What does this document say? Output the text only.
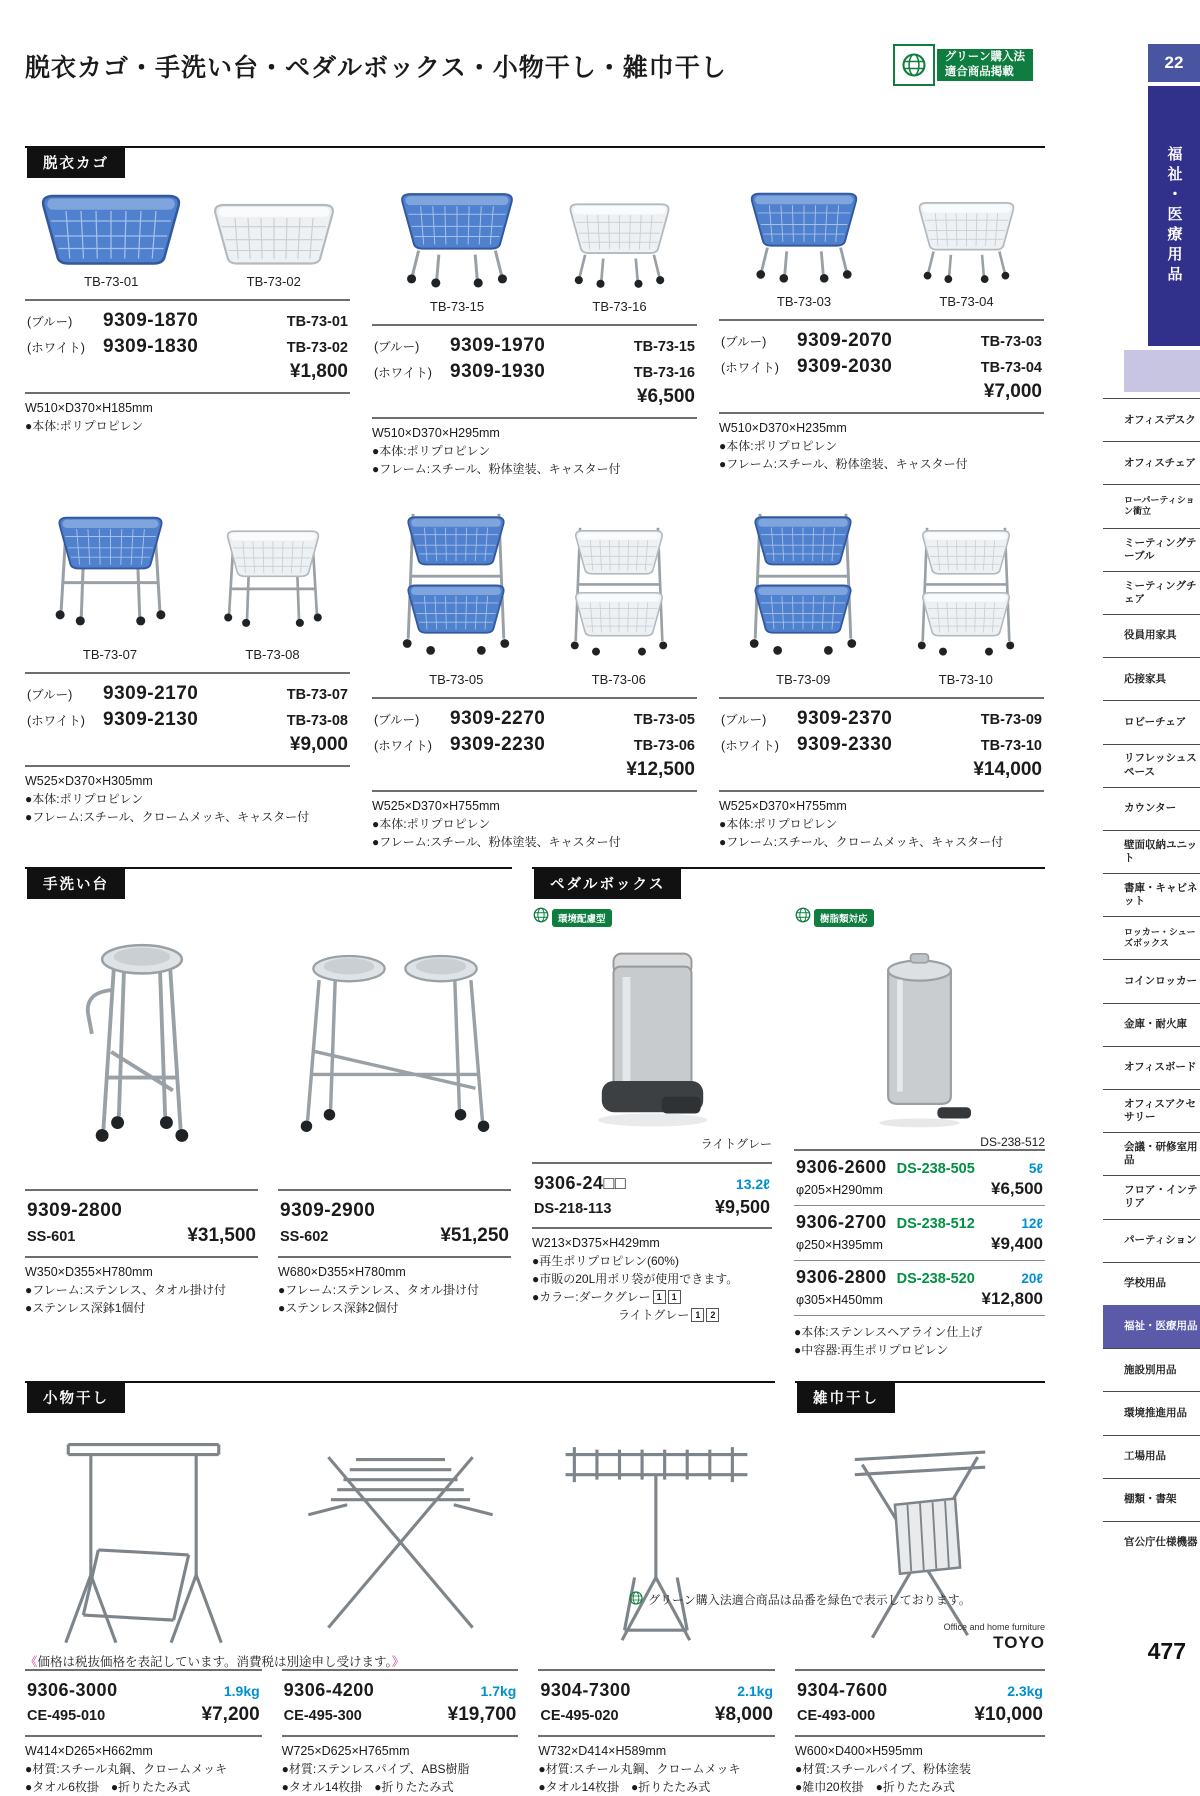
脱衣カゴ・手洗い台・ペダルボックス・小物干し・雑巾干し	グリーン購入法
適合商品掲載
脱衣カゴ
TB-73-01	TB-73-02
(ブルー)	9309-1870	TB-73-01
(ホワイト) 9309-1830	TB-73-02
¥1,800
W510×D370×H185mm
●本体:ポリプロピレン
TB-73-15	TB-73-16
(ブルー)	9309-1970	TB-73-15
(ホワイト) 9309-1930	TB-73-16
¥6,500
W510×D370×H295mm
●本体:ポリプロピレン
●フレーム:スチール、粉体塗装、キャスター付
TB-73-03	TB-73-04
(ブルー)	9309-2070	TB-73-03
(ホワイト) 9309-2030	TB-73-04
¥7,000
W510×D370×H235mm
●本体:ポリプロピレン
●フレーム:スチール、粉体塗装、キャスター付
TB-73-07	TB-73-08
(ブルー)	9309-2170	TB-73-07
(ホワイト) 9309-2130	TB-73-08
¥9,000
W525×D370×H305mm
●本体:ポリプロピレン
●フレーム:スチール、クロームメッキ、キャスター付
TB-73-05	TB-73-06
(ブルー)	9309-2270	TB-73-05
(ホワイト) 9309-2230	TB-73-06
¥12,500
W525×D370×H755mm
●本体:ポリプロピレン
●フレーム:スチール、粉体塗装、キャスター付
TB-73-09	TB-73-10
(ブルー)	9309-2370	TB-73-09
(ホワイト) 9309-2330	TB-73-10
¥14,000
W525×D370×H755mm
●本体:ポリプロピレン
●フレーム:スチール、クロームメッキ、キャスター付
手洗い台
9309-2800
SS-601	¥31,500
W350×D355×H780mm
●フレーム:ステンレス、タオル掛け付
●ステンレス深鉢1個付
9309-2900
SS-602	¥51,250
W680×D355×H780mm
●フレーム:ステンレス、タオル掛け付
●ステンレス深鉢2個付
ペダルボックス
環境配慮型
ライトグレー
9306-24□□	13.2ℓ
DS-218-113	¥9,500
W213×D375×H429mm
●再生ポリプロピレン(60%)
●市販の20L用ポリ袋が使用できます。
●カラー:ダークグレー 1	1
ライトグレー 1	2
樹脂類対応
DS-238-512
9306-2600 DS-238-505	5ℓ
φ205×H290mm	¥6,500
9306-2700 DS-238-512	12ℓ
φ250×H395mm	¥9,400
9306-2800 DS-238-520	20ℓ
φ305×H450mm	¥12,800
●本体:ステンレスヘアライン仕上げ
●中容器:再生ポリプロピレン
小物干し
9306-3000	1.9kg
CE-495-010	¥7,200
W414×D265×H662mm
●材質:スチール丸鋼、クロームメッキ
●タオル6枚掛　●折りたたみ式
9306-4200	1.7kg
CE-495-300	¥19,700
W725×D625×H765mm
●材質:ステンレスパイプ、ABS樹脂
●タオル14枚掛　●折りたたみ式
9304-7300	2.1kg
CE-495-020	¥8,000
W732×D414×H589mm
●材質:スチール丸鋼、クロームメッキ
●タオル14枚掛　●折りたたみ式
雑巾干し
9304-7600	2.3kg
CE-493-000	¥10,000
W600×D400×H595mm
●材質:スチールパイプ、粉体塗装
●雑巾20枚掛　●折りたたみ式
グリーン購入法適合商品は品番を緑色で表示しております。
Office and home furniture
TOYO
《価格は税抜価格を表記しています。消費税は別途申し受けます。》	477
22
福祉・医療用品
オフィスデスク
オフィスチェア
ローパーティション衝立
ミーティングテーブル
ミーティングチェア
役員用家具
応接家具
ロビーチェア
リフレッシュスペース
カウンター
壁面収納ユニット
書庫・キャビネット
ロッカー・シューズボックス
コインロッカー
金庫・耐火庫
オフィスボード
オフィスアクセサリー
会議・研修室用品
フロア・インテリア
パーティション
学校用品
福祉・医療用品
施設別用品
環境推進用品
工場用品
棚類・書架
官公庁仕様機器
